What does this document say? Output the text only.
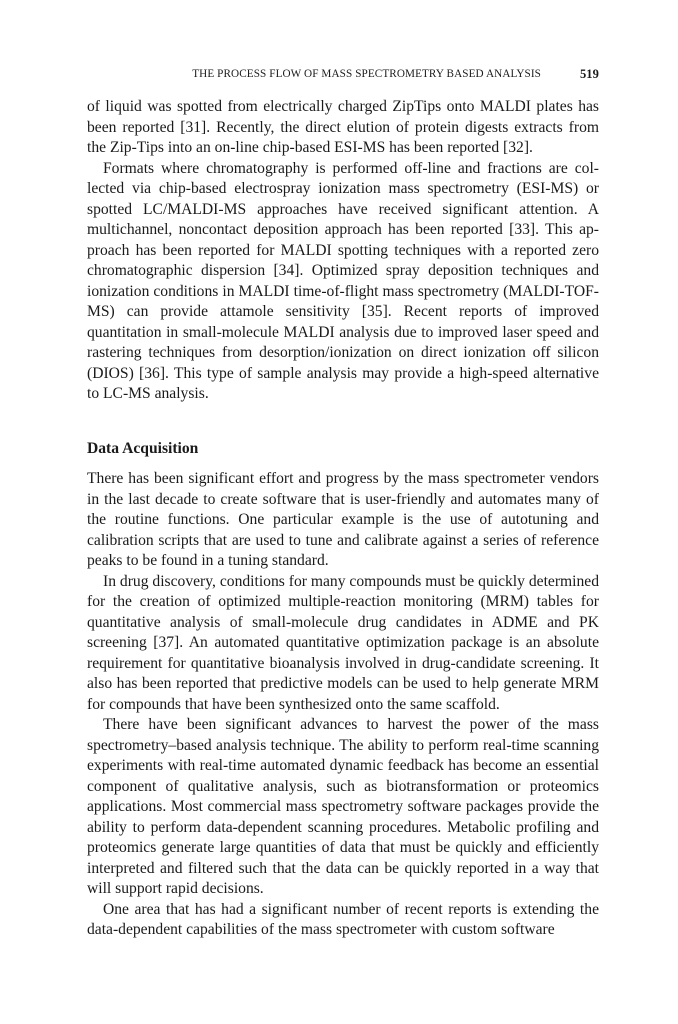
THE PROCESS FLOW OF MASS SPECTROMETRY BASED ANALYSIS	519

of liquid was spotted from electrically charged ZipTips onto MALDI plates has been reported [31]. Recently, the direct elution of protein digests extracts from the Zip-Tips into an on-line chip-based ESI-MS has been reported [32].

Formats where chromatography is performed off-line and fractions are collected via chip-based electrospray ionization mass spectrometry (ESI-MS) or spotted LC/MALDI-MS approaches have received significant attention. A multichannel, noncontact deposition approach has been reported [33]. This approach has been reported for MALDI spotting techniques with a reported zero chromatographic dispersion [34]. Optimized spray deposition techniques and ionization conditions in MALDI time-of-flight mass spectrometry (MALDI-TOF-MS) can provide attamole sensitivity [35]. Recent reports of improved quantitation in small-molecule MALDI analysis due to improved laser speed and rastering techniques from desorption/ionization on direct ionization off silicon (DIOS) [36]. This type of sample analysis may provide a high-speed alternative to LC-MS analysis.

Data Acquisition

There has been significant effort and progress by the mass spectrometer vendors in the last decade to create software that is user-friendly and automates many of the routine functions. One particular example is the use of autotuning and calibration scripts that are used to tune and calibrate against a series of reference peaks to be found in a tuning standard.

In drug discovery, conditions for many compounds must be quickly determined for the creation of optimized multiple-reaction monitoring (MRM) tables for quantitative analysis of small-molecule drug candidates in ADME and PK screening [37]. An automated quantitative optimization package is an absolute requirement for quantitative bioanalysis involved in drug-candidate screening. It also has been reported that predictive models can be used to help generate MRM for compounds that have been synthesized onto the same scaffold.

There have been significant advances to harvest the power of the mass spectrometry–based analysis technique. The ability to perform real-time scanning experiments with real-time automated dynamic feedback has become an essential component of qualitative analysis, such as biotransformation or proteomics applications. Most commercial mass spectrometry software packages provide the ability to perform data-dependent scanning procedures. Metabolic profiling and proteomics generate large quantities of data that must be quickly and efficiently interpreted and filtered such that the data can be quickly reported in a way that will support rapid decisions.

One area that has had a significant number of recent reports is extending the data-dependent capabilities of the mass spectrometer with custom software
